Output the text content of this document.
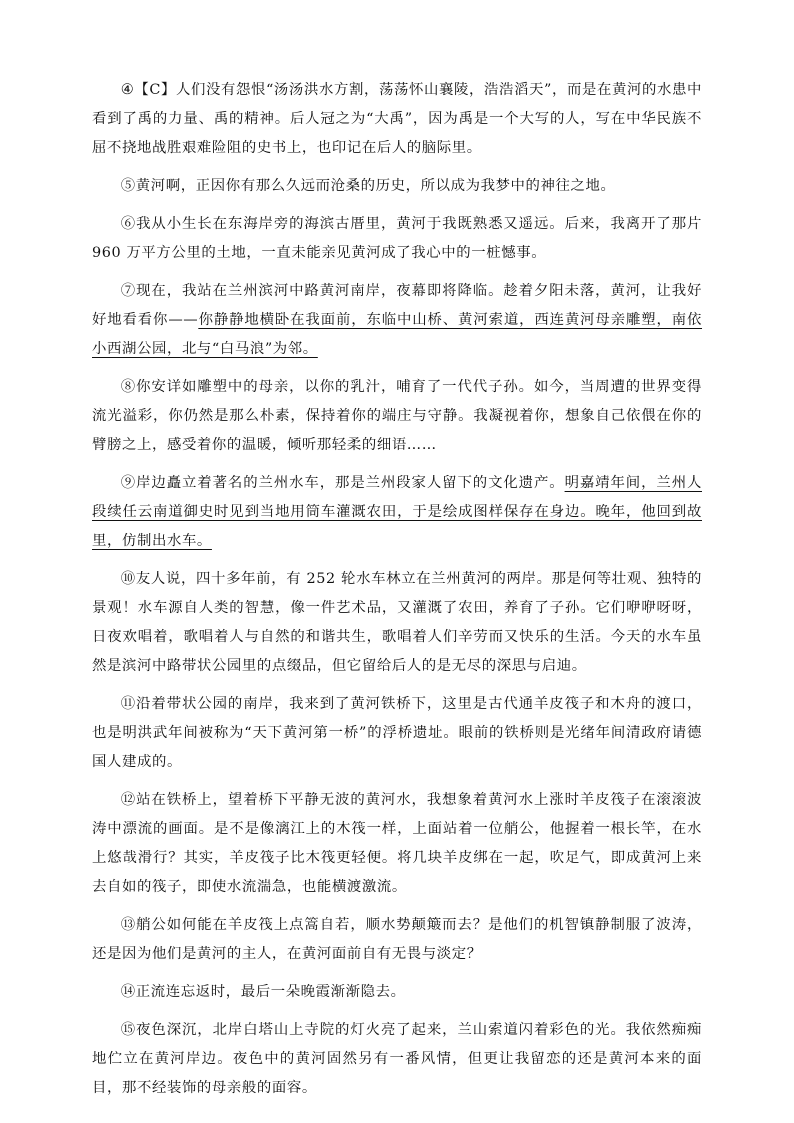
④【C】人们没有怨恨“汤汤洪水方割，荡荡怀山襄陵，浩浩滔天”，而是在黄河的水患中看到了禹的力量、禹的精神。后人冠之为“大禹”，因为禹是一个大写的人，写在中华民族不屈不挠地战胜艰难险阻的史书上，也印记在后人的脑际里。

⑤黄河啊，正因你有那么久远而沧桑的历史，所以成为我梦中的神往之地。

⑥我从小生长在东海岸旁的海滨古厝里，黄河于我既熟悉又遥远。后来，我离开了那片 960 万平方公里的土地，一直未能亲见黄河成了我心中的一桩憾事。

⑦现在，我站在兰州滨河中路黄河南岸，夜幕即将降临。趁着夕阳未落，黄河，让我好好地看看你——你静静地横卧在我面前，东临中山桥、黄河索道，西连黄河母亲雕塑，南依小西湖公园，北与“白马浪”为邻。

⑧你安详如雕塑中的母亲，以你的乳汁，哺育了一代代子孙。如今，当周遭的世界变得流光溢彩，你仍然是那么朴素，保持着你的端庄与守静。我凝视着你，想象自己依偎在你的臂膀之上，感受着你的温暖，倾听那轻柔的细语……

⑨岸边矗立着著名的兰州水车，那是兰州段家人留下的文化遗产。明嘉靖年间，兰州人段续任云南道御史时见到当地用筒车灌溉农田，于是绘成图样保存在身边。晚年，他回到故里，仿制出水车。

⑩友人说，四十多年前，有 252 轮水车林立在兰州黄河的两岸。那是何等壮观、独特的景观！水车源自人类的智慧，像一件艺术品，又灌溉了农田，养育了子孙。它们咿咿呀呀，日夜欢唱着，歌唱着人与自然的和谐共生，歌唱着人们辛劳而又快乐的生活。今天的水车虽然是滨河中路带状公园里的点缀品，但它留给后人的是无尽的深思与启迪。

⑪沿着带状公园的南岸，我来到了黄河铁桥下，这里是古代通羊皮筏子和木舟的渡口，也是明洪武年间被称为“天下黄河第一桥”的浮桥遗址。眼前的铁桥则是光绪年间清政府请德国人建成的。

⑫站在铁桥上，望着桥下平静无波的黄河水，我想象着黄河水上涨时羊皮筏子在滚滚波涛中漂流的画面。是不是像漓江上的木筏一样，上面站着一位艄公，他握着一根长竿，在水上悠哉滑行？其实，羊皮筏子比木筏更轻便。将几块羊皮绑在一起，吹足气，即成黄河上来去自如的筏子，即使水流湍急，也能横渡激流。

⑬艄公如何能在羊皮筏上点篙自若，顺水势颠簸而去？是他们的机智镇静制服了波涛，还是因为他们是黄河的主人，在黄河面前自有无畏与淡定？

⑭正流连忘返时，最后一朵晚霞渐渐隐去。

⑮夜色深沉，北岸白塔山上寺院的灯火亮了起来，兰山索道闪着彩色的光。我依然痴痴地伫立在黄河岸边。夜色中的黄河固然另有一番风情，但更让我留恋的还是黄河本来的面目，那不经装饰的母亲般的面容。
